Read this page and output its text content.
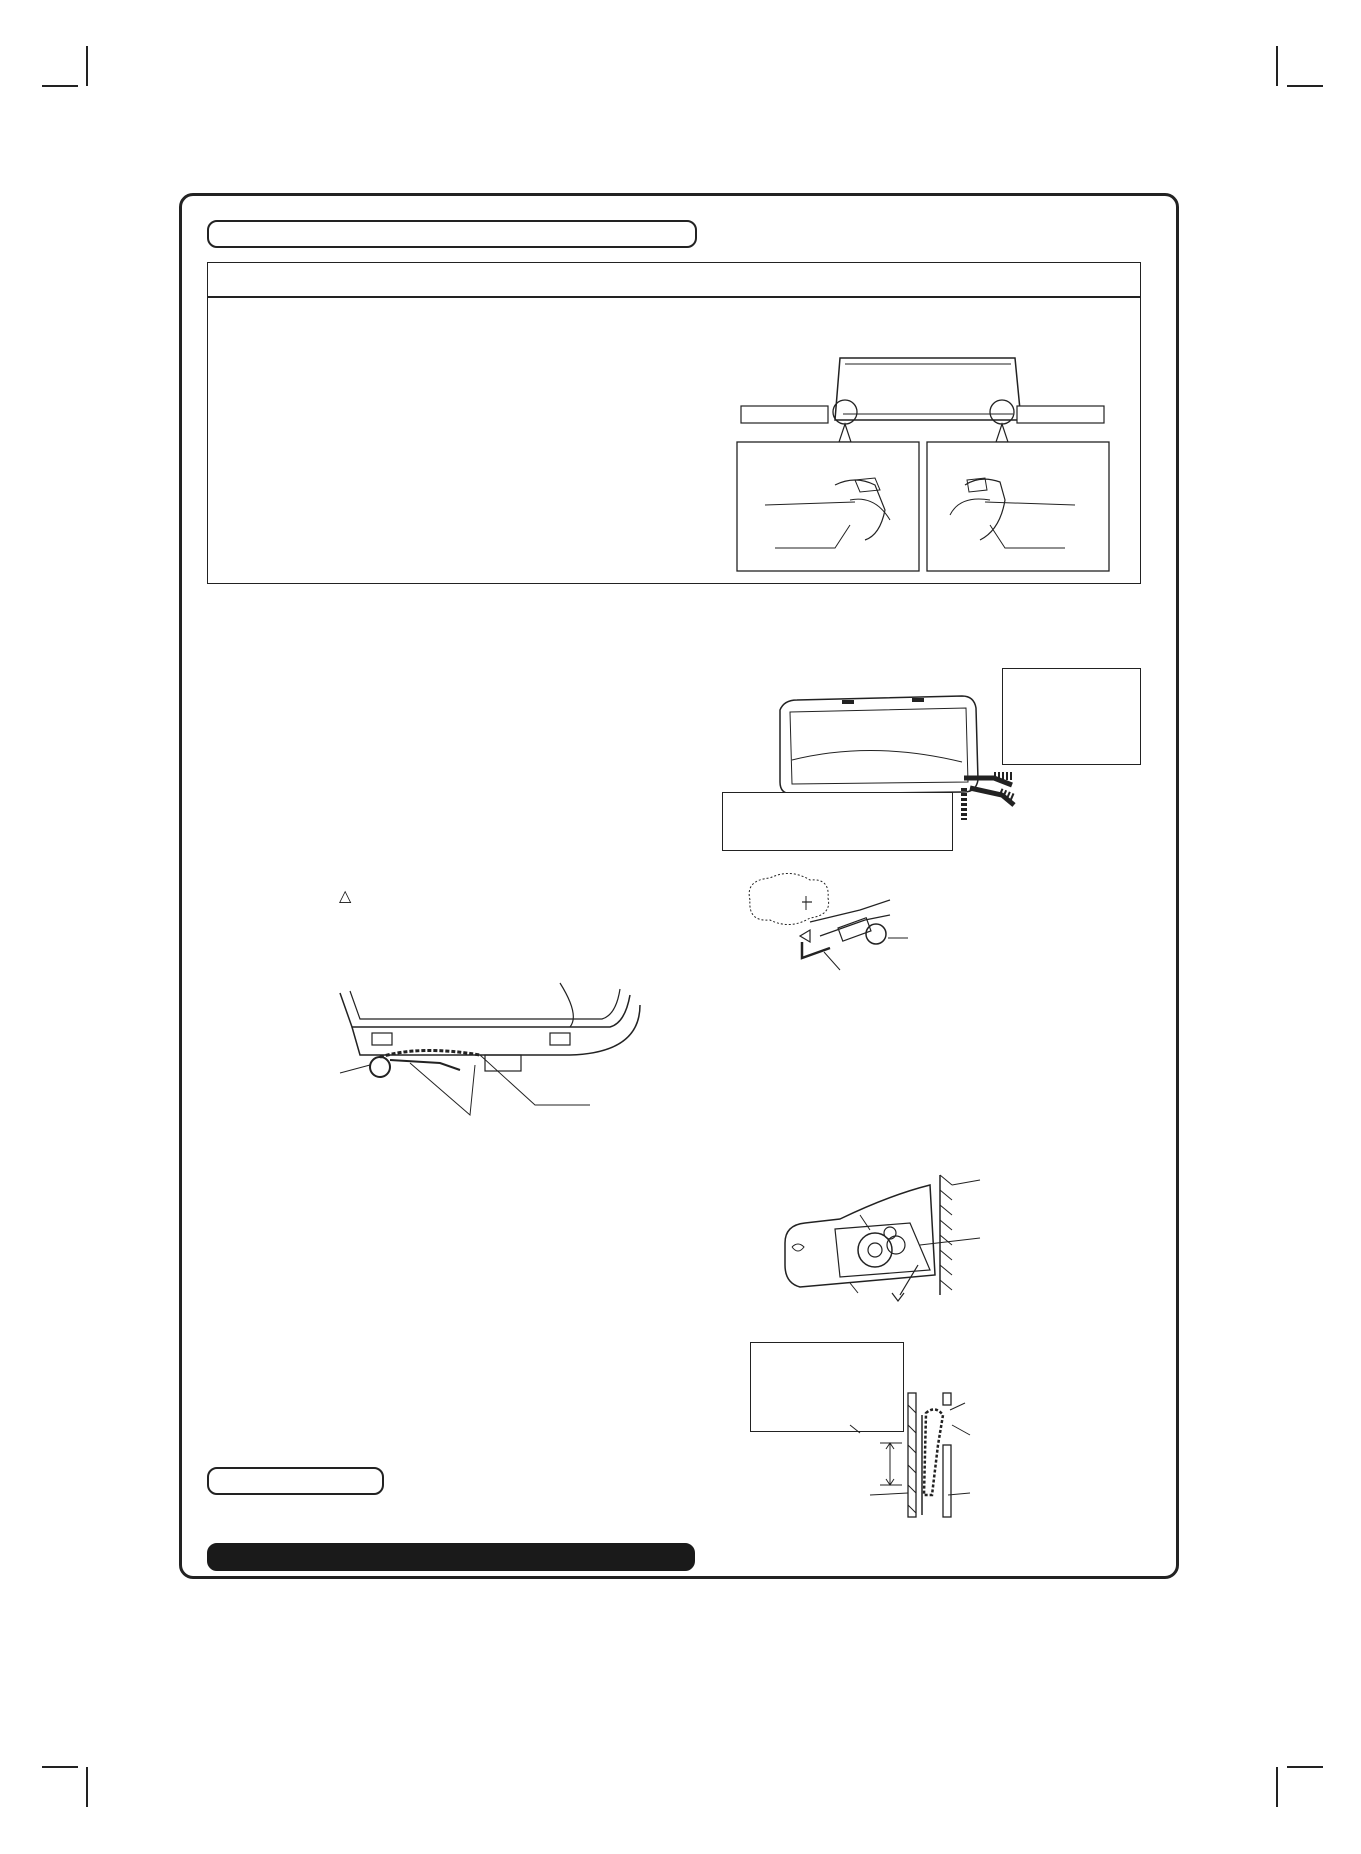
△
